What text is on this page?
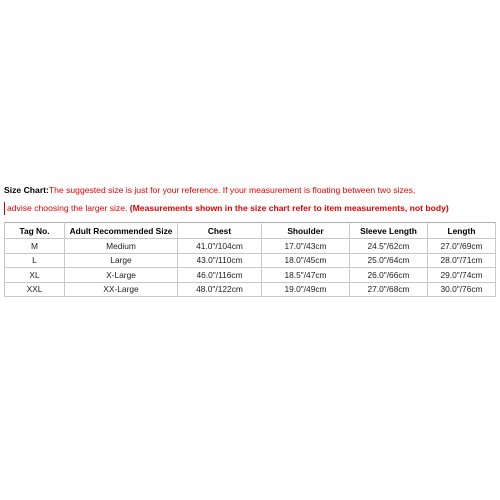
Size Chart:The suggested size is just for your reference. If your measurement is floating between two sizes,
advise choosing the larger size. (Measurements shown in the size chart refer to item measurements, not body)
Tag No.	Adult Recommended Size	Chest	Shoulder	Sleeve Length	Length
M	Medium	41.0"/104cm	17.0"/43cm	24.5"/62cm	27.0"/69cm
L	Large	43.0"/110cm	18.0"/45cm	25.0"/64cm	28.0"/71cm
XL	X-Large	46.0"/116cm	18.5"/47cm	26.0"/66cm	29.0"/74cm
XXL	XX-Large	48.0"/122cm	19.0"/49cm	27.0"/68cm	30.0"/76cm
